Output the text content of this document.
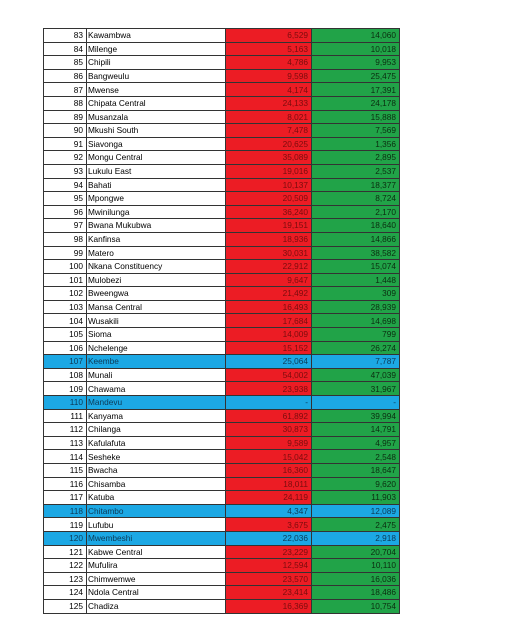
83	Kawambwa	6,529	14,060
84	Milenge	5,163	10,018
85	Chipili	4,786	9,953
86	Bangweulu	9,598	25,475
87	Mwense	4,174	17,391
88	Chipata Central	24,133	24,178
89	Musanzala	8,021	15,888
90	Mkushi South	7,478	7,569
91	Siavonga	20,625	1,356
92	Mongu Central	35,089	2,895
93	Lukulu East	19,016	2,537
94	Bahati	10,137	18,377
95	Mpongwe	20,509	8,724
96	Mwinilunga	36,240	2,170
97	Bwana Mukubwa	19,151	18,640
98	Kanfinsa	18,936	14,866
99	Matero	30,031	38,582
100	Nkana Constituency	22,912	15,074
101	Mulobezi	9,647	1,448
102	Bweengwa	21,492	309
103	Mansa Central	16,493	28,939
104	Wusakili	17,684	14,698
105	Sioma	14,009	799
106	Nchelenge	15,152	26,274
107	Keembe	25,064	7,787
108	Munali	54,002	47,039
109	Chawama	23,938	31,967
110	Mandevu	-	-
111	Kanyama	61,892	39,994
112	Chilanga	30,873	14,791
113	Kafulafuta	9,589	4,957
114	Sesheke	15,042	2,548
115	Bwacha	16,360	18,647
116	Chisamba	18,011	9,620
117	Katuba	24,119	11,903
118	Chitambo	4,347	12,089
119	Lufubu	3,675	2,475
120	Mwembeshi	22,036	2,918
121	Kabwe Central	23,229	20,704
122	Mufulira	12,594	10,110
123	Chimwemwe	23,570	16,036
124	Ndola Central	23,414	18,486
125	Chadiza	16,369	10,754
